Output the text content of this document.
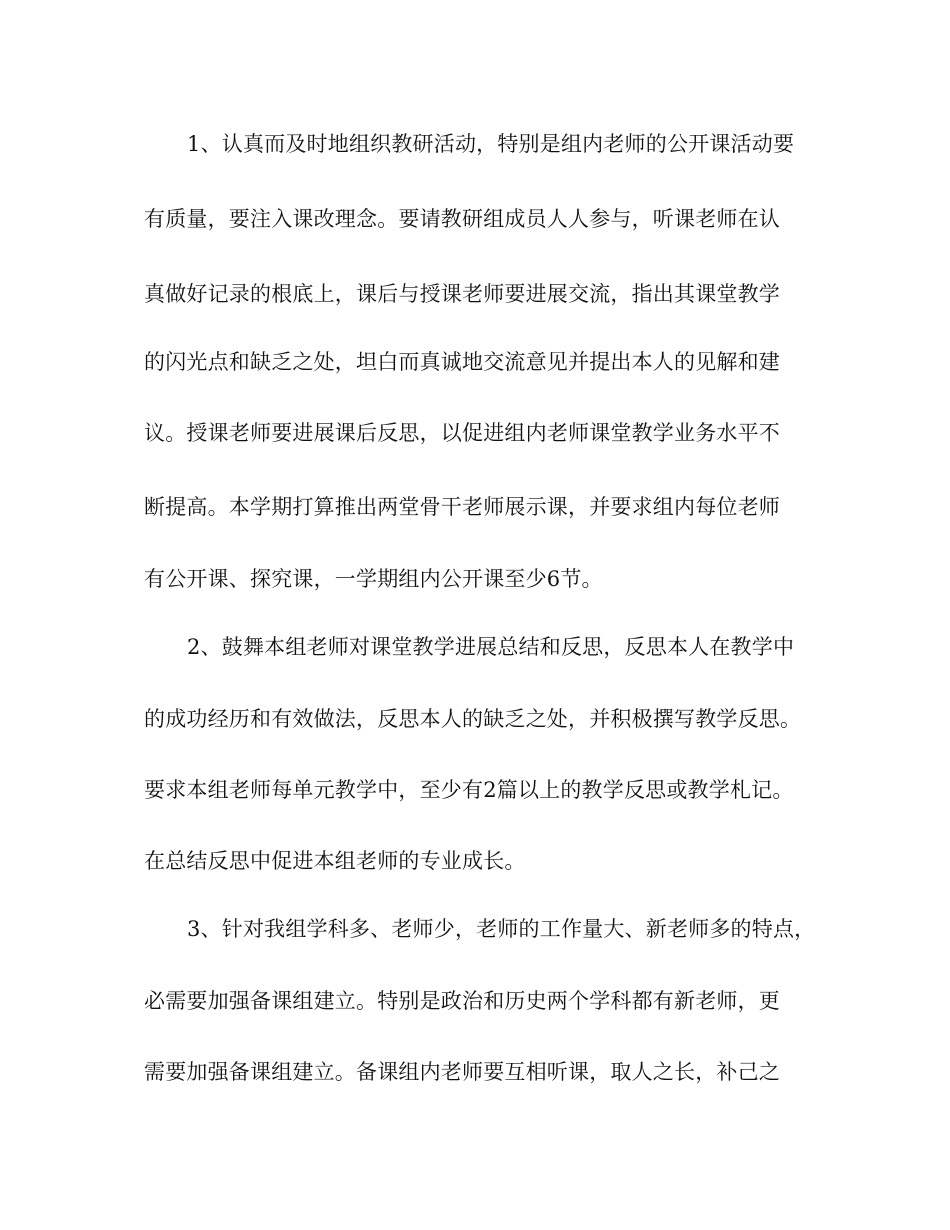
1、认真而及时地组织教研活动，特别是组内老师的公开课活动要
有质量，要注入课改理念。要请教研组成员人人参与，听课老师在认
真做好记录的根底上，课后与授课老师要进展交流，指出其课堂教学
的闪光点和缺乏之处，坦白而真诚地交流意见并提出本人的见解和建
议。授课老师要进展课后反思，以促进组内老师课堂教学业务水平不
断提高。本学期打算推出两堂骨干老师展示课，并要求组内每位老师
有公开课、探究课，一学期组内公开课至少6节。
2、鼓舞本组老师对课堂教学进展总结和反思，反思本人在教学中
的成功经历和有效做法，反思本人的缺乏之处，并积极撰写教学反思。
要求本组老师每单元教学中，至少有2篇以上的教学反思或教学札记。
在总结反思中促进本组老师的专业成长。
3、针对我组学科多、老师少，老师的工作量大、新老师多的特点，
必需要加强备课组建立。特别是政治和历史两个学科都有新老师，更
需要加强备课组建立。备课组内老师要互相听课，取人之长，补己之
